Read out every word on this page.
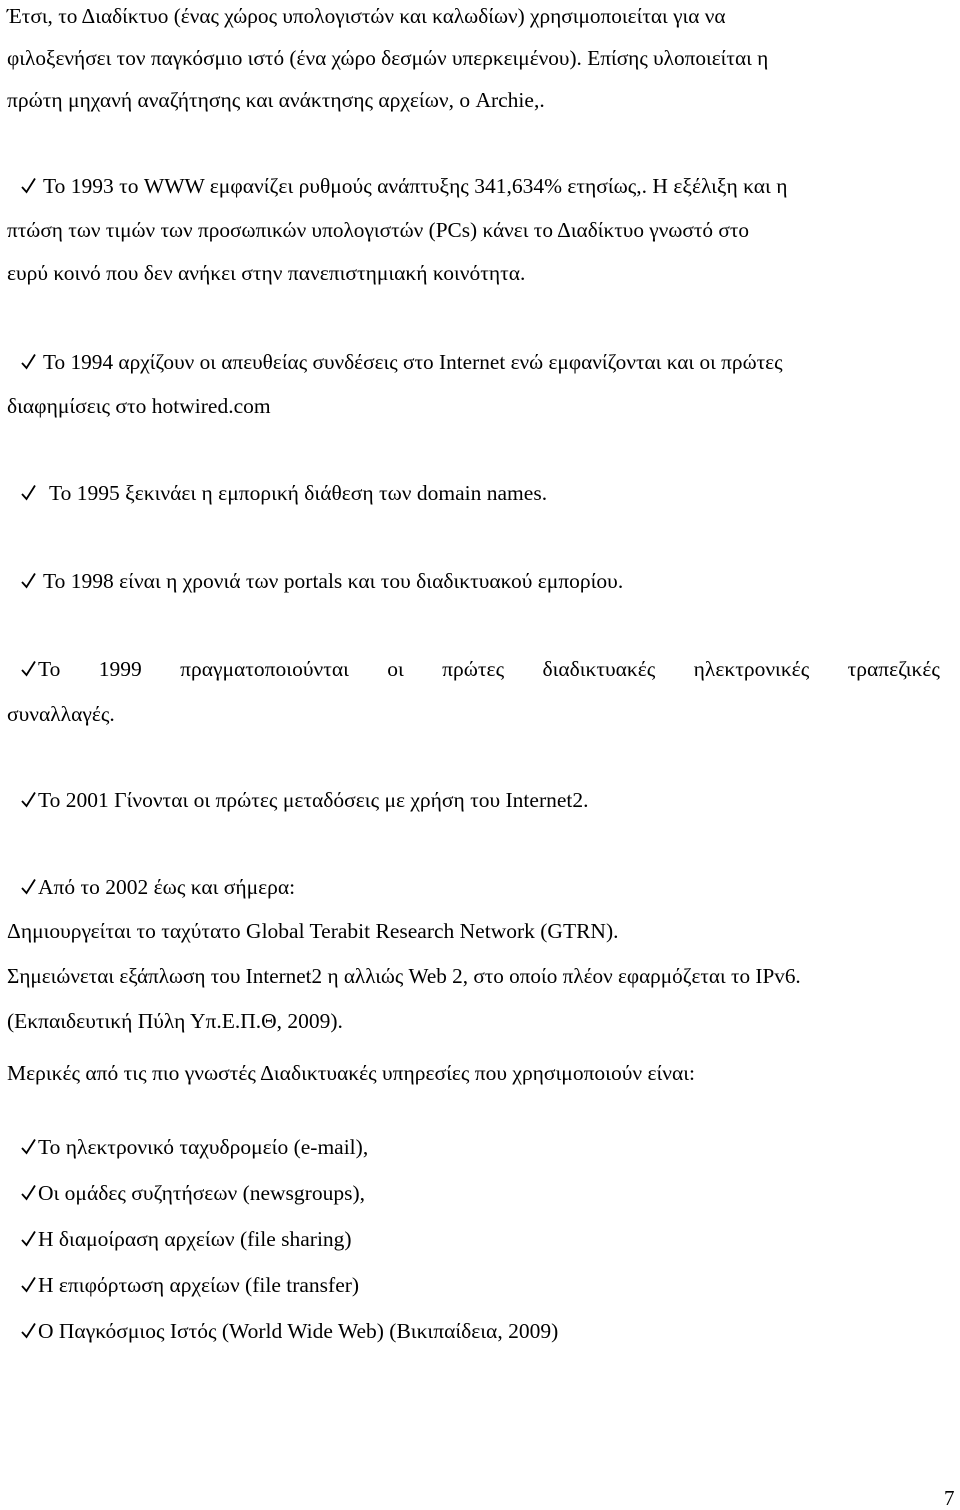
Έτσι, το Διαδίκτυο (ένας χώρος υπολογιστών και καλωδίων) χρησιμοποιείται για να
φιλοξενήσει τον παγκόσμιο ιστό (ένα χώρο δεσμών υπερκειμένου). Επίσης υλοποιείται η
πρώτη μηχανή αναζήτησης και ανάκτησης αρχείων, ο Archie,.
Το 1993 το WWW εμφανίζει ρυθμούς ανάπτυξης 341,634% ετησίως,. Η εξέλιξη και η
πτώση των τιμών των προσωπικών υπολογιστών (PCs) κάνει το Διαδίκτυο γνωστό στο
ευρύ κοινό που δεν ανήκει στην πανεπιστημιακή κοινότητα.
Το 1994 αρχίζουν οι απευθείας συνδέσεις στο Internet ενώ εμφανίζονται και οι πρώτες
διαφημίσεις στο hotwired.com
Το 1995 ξεκινάει η εμπορική διάθεση των domain names.
Το 1998 είναι η χρονιά των portals και του διαδικτυακού εμπορίου.
Το 1999 πραγματοποιούνται οι πρώτες διαδικτυακές ηλεκτρονικές τραπεζικές
συναλλαγές.
Το 2001 Γίνονται οι πρώτες μεταδόσεις με χρήση του Internet2.
Από το 2002 έως και σήμερα:
Δημιουργείται το ταχύτατο Global Terabit Research Network (GTRN).
Σημειώνεται εξάπλωση του Internet2 η αλλιώς Web 2, στο οποίο πλέον εφαρμόζεται το IPv6.
(Εκπαιδευτική Πύλη Υπ.Ε.Π.Θ, 2009).
Μερικές από τις πιο γνωστές Διαδικτυακές υπηρεσίες που χρησιμοποιούν είναι:
Το ηλεκτρονικό ταχυδρομείο (e-mail),
Οι ομάδες συζητήσεων (newsgroups),
Η διαμοίραση αρχείων (file sharing)
Η επιφόρτωση αρχείων (file transfer)
Ο Παγκόσμιος Ιστός (World Wide Web) (Βικιπαίδεια, 2009)
7
